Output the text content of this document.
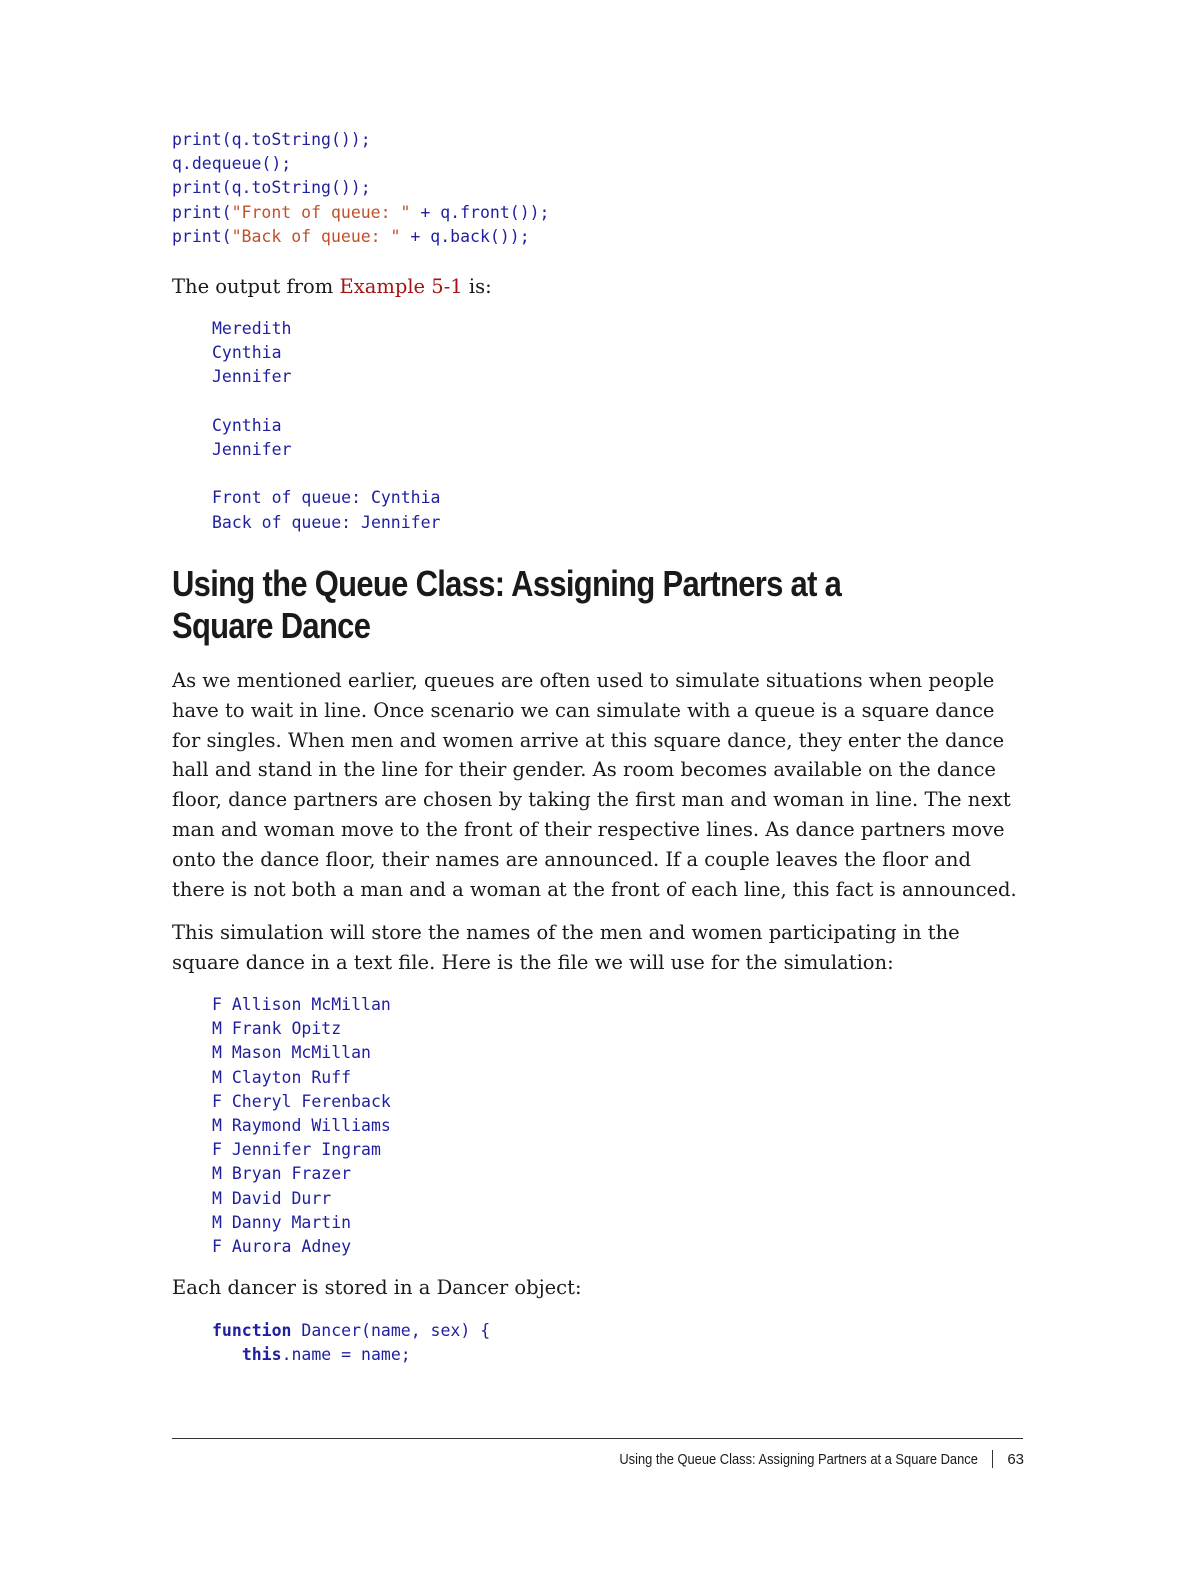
print(q.toString());
q.dequeue();
print(q.toString());
print("Front of queue: " + q.front());
print("Back of queue: " + q.back());

The output from Example 5-1 is:

Meredith
Cynthia
Jennifer
Cynthia
Jennifer
Front of queue: Cynthia
Back of queue: Jennifer
Using the Queue Class: Assigning Partners at a Square Dance

As we mentioned earlier, queues are often used to simulate situations when people have to wait in line. Once scenario we can simulate with a queue is a square dance for singles. When men and women arrive at this square dance, they enter the dance hall and stand in the line for their gender. As room becomes available on the dance floor, dance partners are chosen by taking the first man and woman in line. The next man and woman move to the front of their respective lines. As dance partners move onto the dance floor, their names are announced. If a couple leaves the floor and there is not both a man and a woman at the front of each line, this fact is announced.

This simulation will store the names of the men and women participating in the square dance in a text file. Here is the file we will use for the simulation:

F Allison McMillan
M Frank Opitz
M Mason McMillan
M Clayton Ruff
F Cheryl Ferenback
M Raymond Williams
F Jennifer Ingram
M Bryan Frazer
M David Durr
M Danny Martin
F Aurora Adney

Each dancer is stored in a Dancer object:

function Dancer(name, sex) {
this.name = name;
Using the Queue Class: Assigning Partners at a Square Dance 63
